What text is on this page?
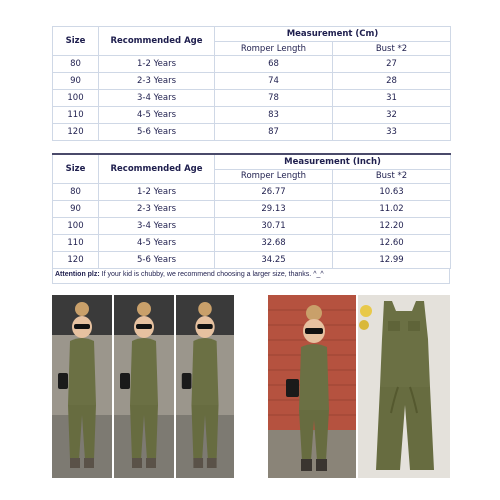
Size	Recommended Age	Measurement (Cm)	
		Romper Length	Bust *2
80	1-2 Years	68	27
90	2-3 Years	74	28
100	3-4 Years	78	31
110	4-5 Years	83	32
120	5-6 Years	87	33
Size	Recommended Age	Measurement (Inch)	
		Romper Length	Bust *2
80	1-2 Years	26.77	10.63
90	2-3 Years	29.13	11.02
100	3-4 Years	30.71	12.20
110	4-5 Years	32.68	12.60
120	5-6 Years	34.25	12.99
Attention plz: If your kid is chubby, we recommend choosing a larger size, thanks. ^_^
